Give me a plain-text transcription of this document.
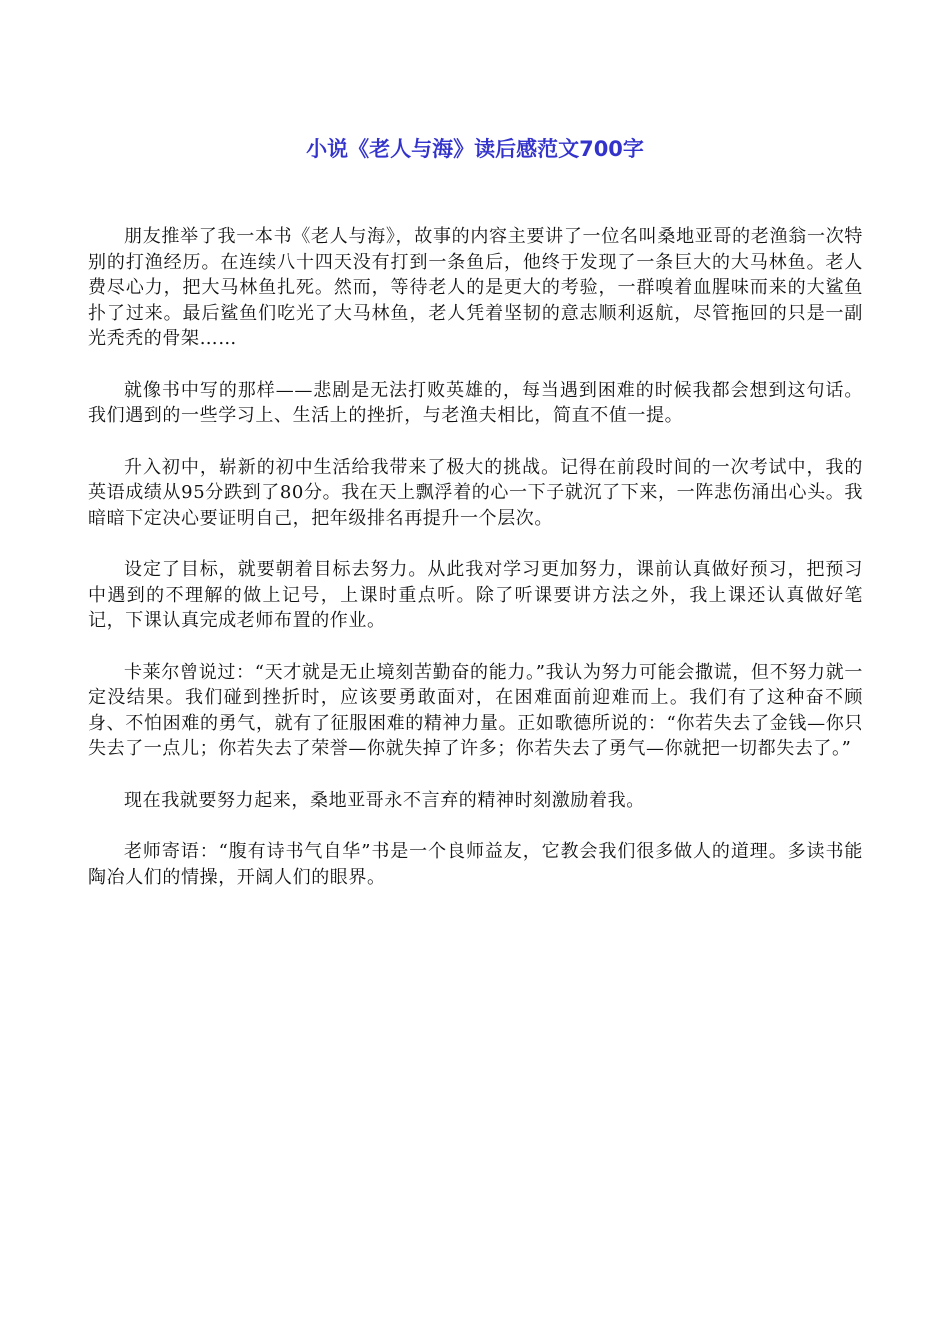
小说《老人与海》读后感范文700字

朋友推举了我一本书《老人与海》，故事的内容主要讲了一位名叫桑地亚哥的老渔翁一次特别的打渔经历。在连续八十四天没有打到一条鱼后，他终于发现了一条巨大的大马林鱼。老人费尽心力，把大马林鱼扎死。然而，等待老人的是更大的考验，一群嗅着血腥味而来的大鲨鱼扑了过来。最后鲨鱼们吃光了大马林鱼，老人凭着坚韧的意志顺利返航，尽管拖回的只是一副光秃秃的骨架……

就像书中写的那样——悲剧是无法打败英雄的，每当遇到困难的时候我都会想到这句话。我们遇到的一些学习上、生活上的挫折，与老渔夫相比，简直不值一提。

升入初中，崭新的初中生活给我带来了极大的挑战。记得在前段时间的一次考试中，我的英语成绩从95分跌到了80分。我在天上飘浮着的心一下子就沉了下来，一阵悲伤涌出心头。我暗暗下定决心要证明自己，把年级排名再提升一个层次。

设定了目标，就要朝着目标去努力。从此我对学习更加努力，课前认真做好预习，把预习中遇到的不理解的做上记号，上课时重点听。除了听课要讲方法之外，我上课还认真做好笔记，下课认真完成老师布置的作业。

卡莱尔曾说过：“天才就是无止境刻苦勤奋的能力。”我认为努力可能会撒谎，但不努力就一定没结果。我们碰到挫折时，应该要勇敢面对，在困难面前迎难而上。我们有了这种奋不顾身、不怕困难的勇气，就有了征服困难的精神力量。正如歌德所说的：“你若失去了金钱—你只失去了一点儿；你若失去了荣誉—你就失掉了许多；你若失去了勇气—你就把一切都失去了。”

现在我就要努力起来，桑地亚哥永不言弃的精神时刻激励着我。

老师寄语：“腹有诗书气自华”书是一个良师益友，它教会我们很多做人的道理。多读书能陶冶人们的情操，开阔人们的眼界。
